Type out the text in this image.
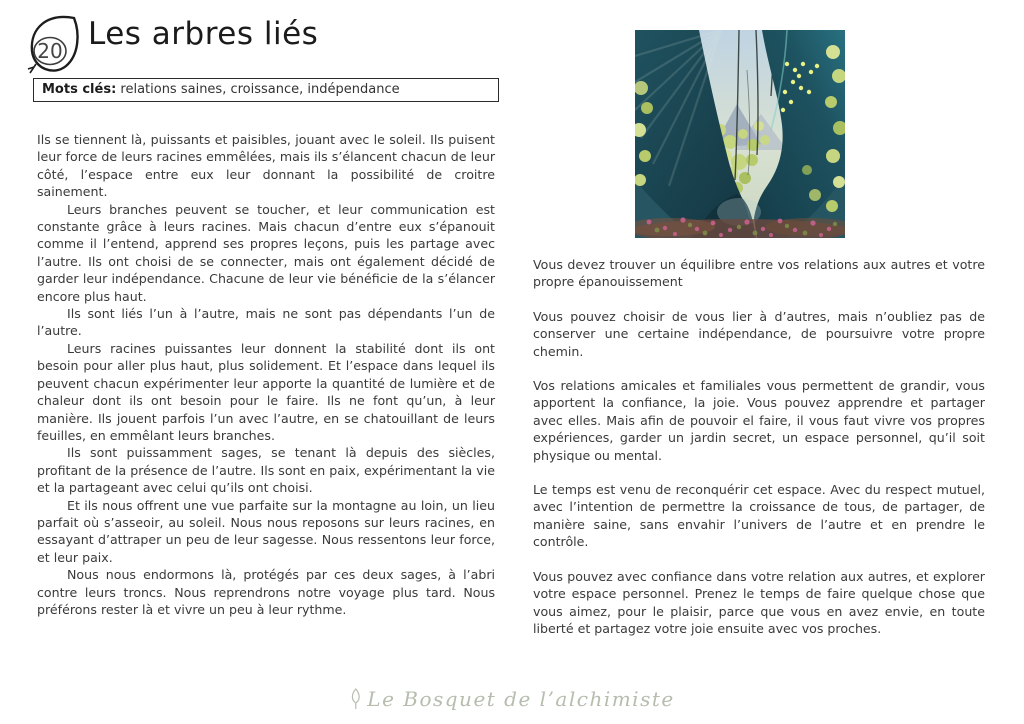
20 Les arbres liés
Mots clés: relations saines, croissance, indépendance

Ils se tiennent là, puissants et paisibles, jouant avec le soleil. Ils puisent leur force de leurs racines emmêlées, mais ils s’élancent chacun de leur côté, l’espace entre eux leur donnant la possibilité de croitre sainement.

Leurs branches peuvent se toucher, et leur communication est constante grâce à leurs racines. Mais chacun d’entre eux s’épanouit comme il l’entend, apprend ses propres leçons, puis les partage avec l’autre. Ils ont choisi de se connecter, mais ont également décidé de garder leur indépendance. Chacune de leur vie bénéficie de la s’élancer encore plus haut.

Ils sont liés l’un à l’autre, mais ne sont pas dépendants l’un de l’autre.

Leurs racines puissantes leur donnent la stabilité dont ils ont besoin pour aller plus haut, plus solidement. Et l’espace dans lequel ils peuvent chacun expérimenter leur apporte la quantité de lumière et de chaleur dont ils ont besoin pour le faire. Ils ne font qu’un, à leur manière. Ils jouent parfois l’un avec l’autre, en se chatouillant de leurs feuilles, en emmêlant leurs branches.

Ils sont puissamment sages, se tenant là depuis des siècles, profitant de la présence de l’autre. Ils sont en paix, expérimentant la vie et la partageant avec celui qu’ils ont choisi.

Et ils nous offrent une vue parfaite sur la montagne au loin, un lieu parfait où s’asseoir, au soleil. Nous nous reposons sur leurs racines, en essayant d’attraper un peu de leur sagesse. Nous ressentons leur force, et leur paix.

Nous nous endormons là, protégés par ces deux sages, à l’abri contre leurs troncs. Nous reprendrons notre voyage plus tard. Nous préférons rester là et vivre un peu à leur rythme.

Vous devez trouver un équilibre entre vos relations aux autres et votre propre épanouissement

Vous pouvez choisir de vous lier à d’autres, mais n’oubliez pas de conserver une certaine indépendance, de poursuivre votre propre chemin.

Vos relations amicales et familiales vous permettent de grandir, vous apportent la confiance, la joie. Vous pouvez apprendre et partager avec elles. Mais afin de pouvoir el faire, il vous faut vivre vos propres expériences, garder un jardin secret, un espace personnel, qu’il soit physique ou mental.

Le temps est venu de reconquérir cet espace. Avec du respect mutuel, avec l’intention de permettre la croissance de tous, de partager, de manière saine, sans envahir l’univers de l’autre et en prendre le contrôle.

Vous pouvez avec confiance dans votre relation aux autres, et explorer votre espace personnel. Prenez le temps de faire quelque chose que vous aimez, pour le plaisir, parce que vous en avez envie, en toute liberté et partagez votre joie ensuite avec vos proches.

Le Bosquet de l’alchimiste
